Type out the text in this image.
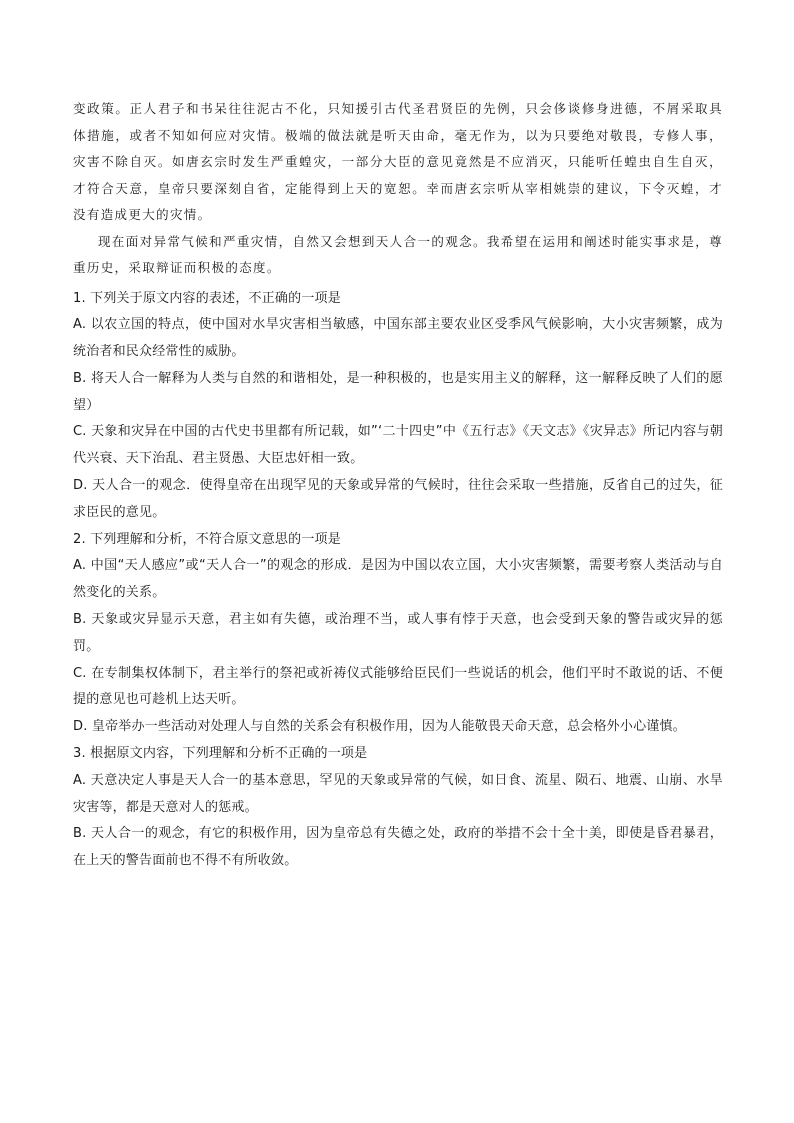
变政策。正人君子和书呆往往泥古不化，只知援引古代圣君贤臣的先例，只会侈谈修身进德，不屑采取具体措施，或者不知如何应对灾情。极端的做法就是听天由命，毫无作为，以为只要绝对敬畏，专修人事，灾害不除自灭。如唐玄宗时发生严重蝗灾，一部分大臣的意见竟然是不应消灭，只能听任蝗虫自生自灭，才符合天意，皇帝只要深刻自省，定能得到上天的宽恕。幸而唐玄宗听从宰相姚崇的建议，下令灭蝗，才没有造成更大的灾情。

现在面对异常气候和严重灾情，自然又会想到天人合一的观念。我希望在运用和阐述时能实事求是，尊重历史，采取辩证而积极的态度。

1. 下列关于原文内容的表述，不正确的一项是

A. 以农立国的特点，使中国对水旱灾害相当敏感，中国东部主要农业区受季风气候影响，大小灾害频繁，成为统治者和民众经常性的威胁。

B. 将天人合一解释为人类与自然的和谐相处，是一种积极的，也是实用主义的解释，这一解释反映了人们的愿望）

C. 天象和灾异在中国的古代史书里都有所记载，如”‘二十四史”中《五行志》《天文志》《灾异志》所记内容与朝代兴衰、天下治乱、君主贤愚、大臣忠奸相一致。

D. 天人合一的观念．使得皇帝在出现罕见的天象或异常的气候时，往往会采取一些措施，反省自己的过失，征求臣民的意见。

2. 下列理解和分析，不符合原文意思的一项是

A. 中国“天人感应”或“天人合一”的观念的形成．是因为中国以农立国，大小灾害频繁，需要考察人类活动与自然变化的关系。

B. 天象或灾异显示天意，君主如有失德，或治理不当，或人事有悖于天意，也会受到天象的警告或灾异的惩罚。

C. 在专制集权体制下，君主举行的祭祀或祈祷仪式能够给臣民们一些说话的机会，他们平时不敢说的话、不便提的意见也可趁机上达天听。

D. 皇帝举办一些活动对处理人与自然的关系会有积极作用，因为人能敬畏天命天意，总会格外小心谨慎。

3. 根据原文内容，下列理解和分析不正确的一项是

A. 天意决定人事是天人合一的基本意思，罕见的天象或异常的气候，如日食、流星、陨石、地震、山崩、水旱灾害等，都是天意对人的惩戒。

B. 天人合一的观念，有它的积极作用，因为皇帝总有失德之处，政府的举措不会十全十美，即使是昏君暴君，在上天的警告面前也不得不有所收敛。
